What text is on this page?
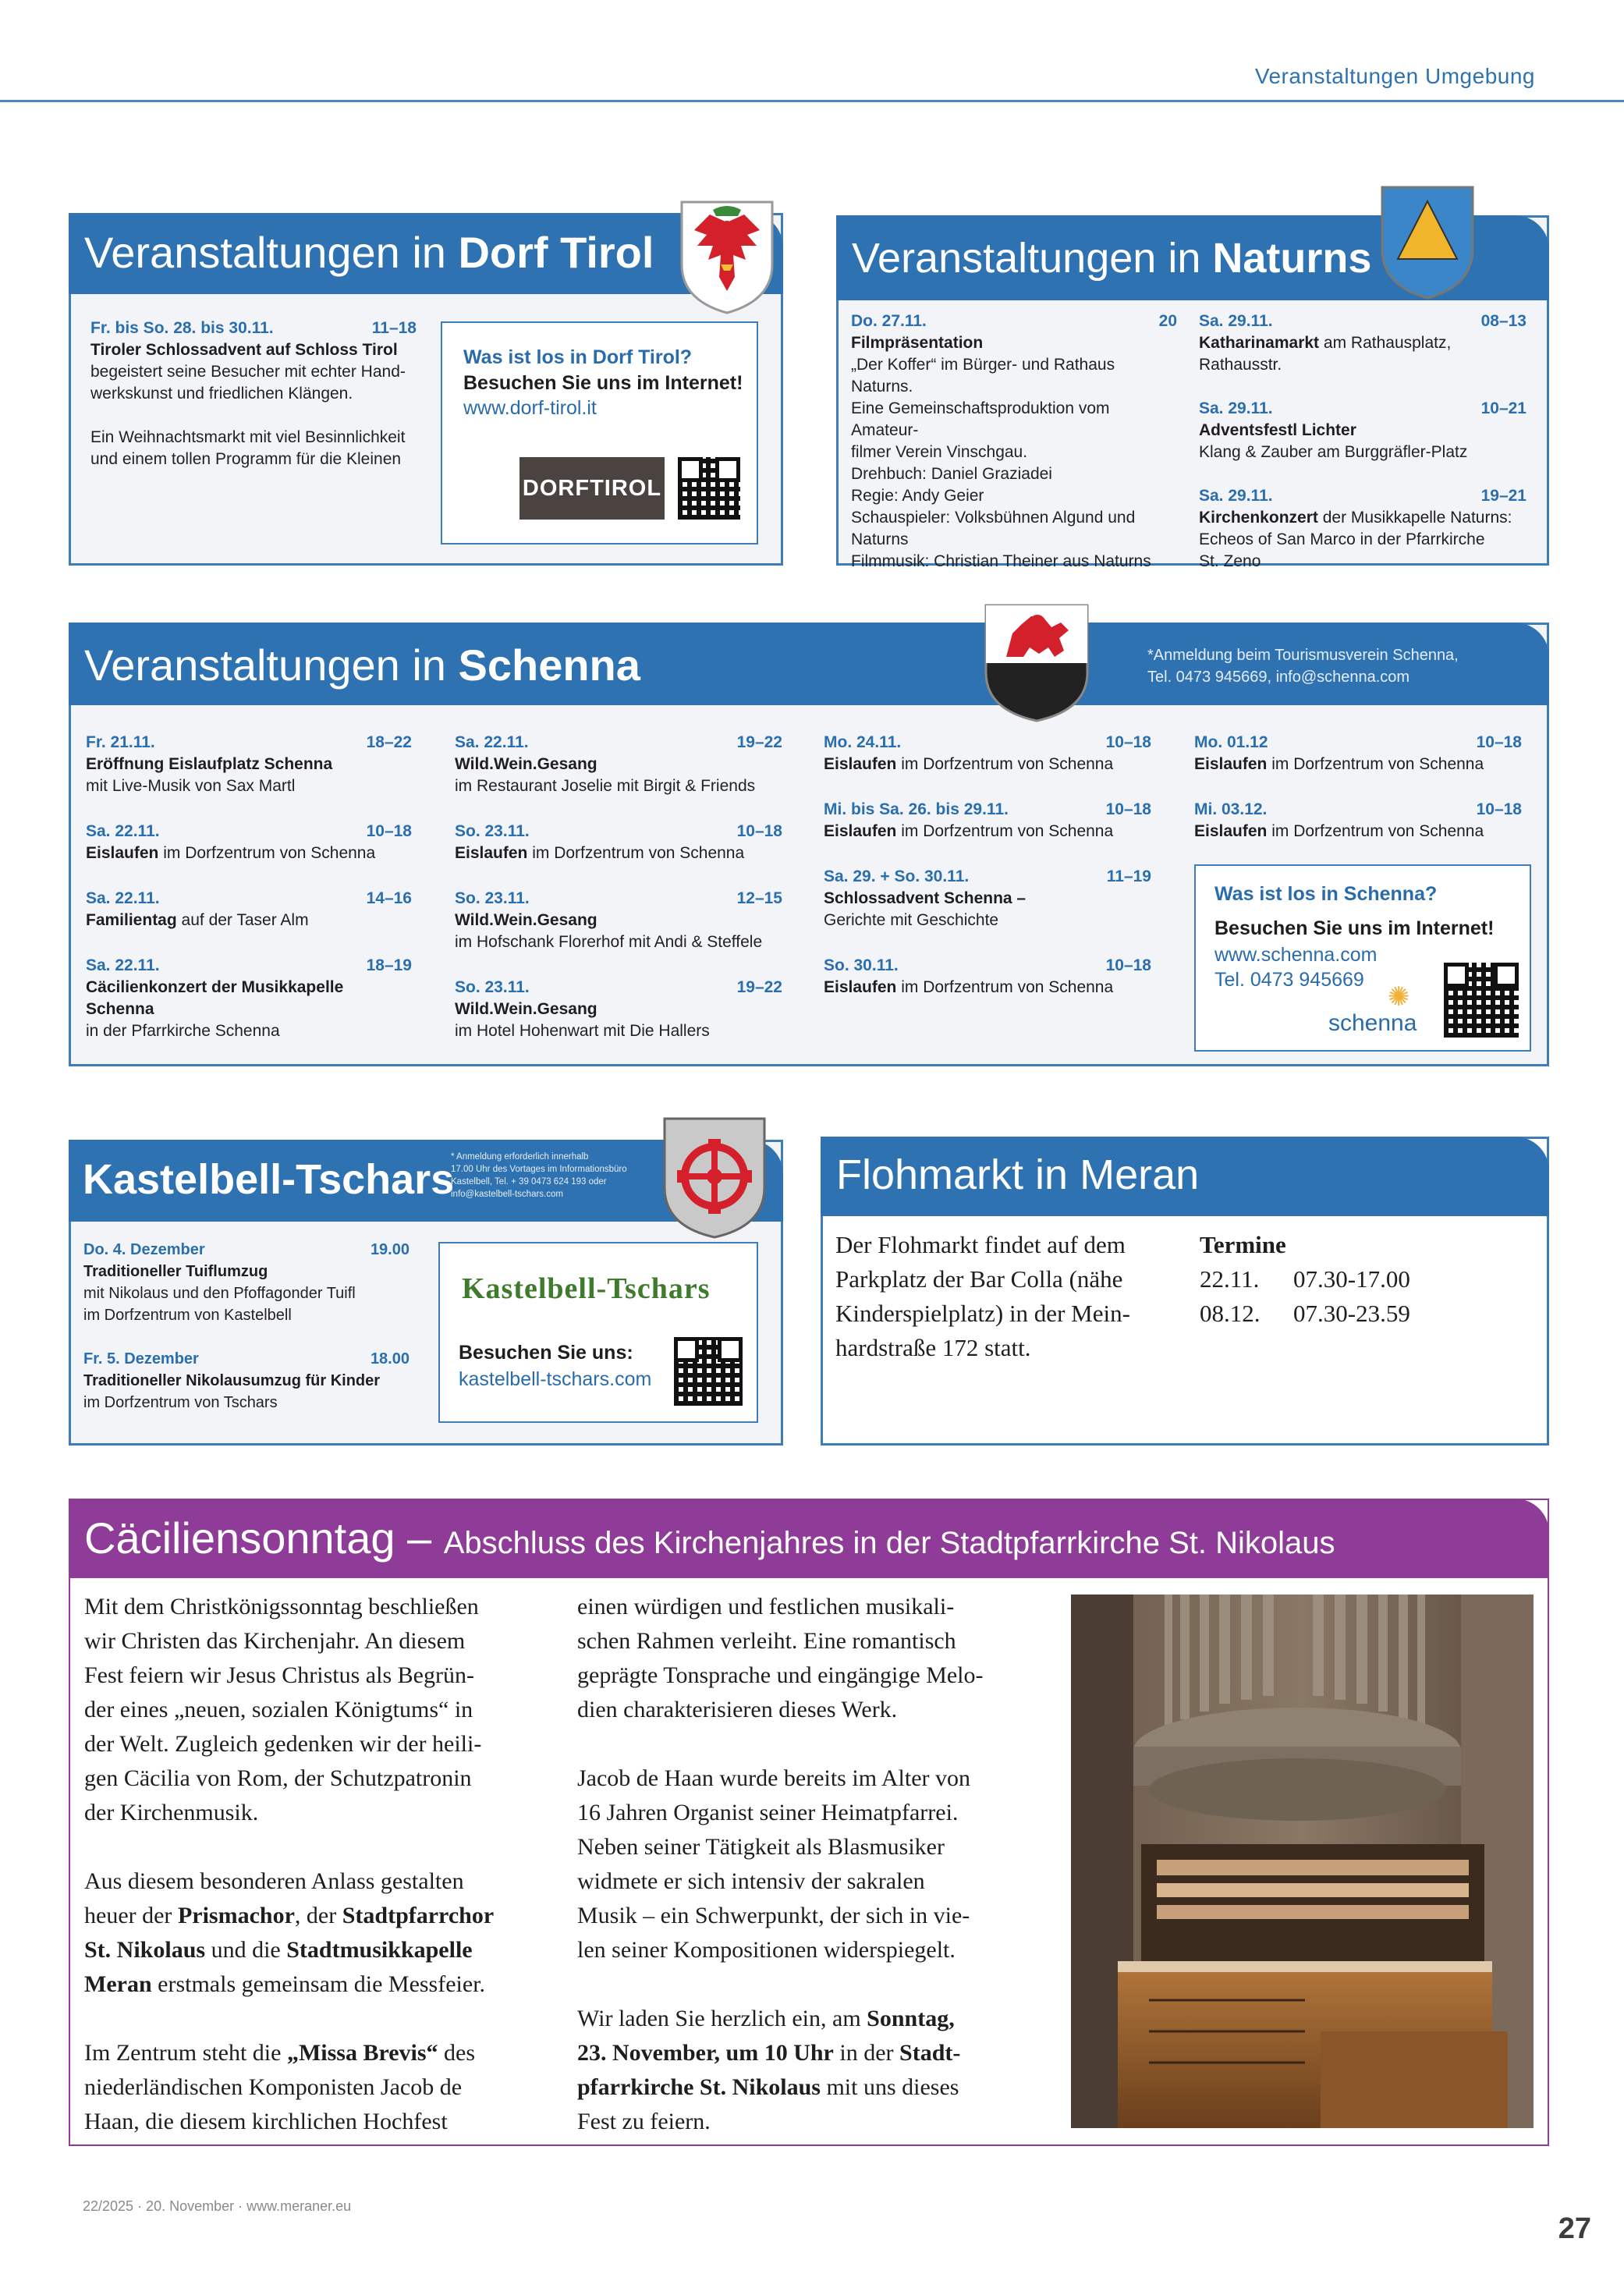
Veranstaltungen Umgebung
Veranstaltungen in Dorf Tirol
Fr. bis So. 28. bis 30.11.	11–18
Tiroler Schlossadvent auf Schloss Tirol
begeistert seine Besucher mit echter Hand-
werkskunst und friedlichen Klängen.
Ein Weihnachtsmarkt mit viel Besinnlichkeit
und einem tollen Programm für die Kleinen
Was ist los in Dorf Tirol?
Besuchen Sie uns im Internet!
www.dorf-tirol.it
DORFTIROL
Veranstaltungen in Naturns
Do. 27.11.	20
Filmpräsentation
„Der Koffer“ im Bürger- und Rathaus Naturns.
Eine Gemeinschaftsproduktion vom Amateur-
filmer Verein Vinschgau.
Drehbuch: Daniel Graziadei
Regie: Andy Geier
Schauspieler: Volksbühnen Algund und
Naturns
Filmmusik: Christian Theiner aus Naturns
Sa. 29.11.	08–13
Katharinamarkt am Rathausplatz, Rathausstr.
Sa. 29.11.	10–21
Adventsfestl Lichter
Klang & Zauber am Burggräfler-Platz
Sa. 29.11.	19–21
Kirchenkonzert der Musikkapelle Naturns:
Echeos of San Marco in der Pfarrkirche
St. Zeno
Veranstaltungen in Schenna	*Anmeldung beim Tourismusverein Schenna,
Tel. 0473 945669, info@schenna.com
Fr. 21.11.	18–22
Eröffnung Eislaufplatz Schenna
mit Live-Musik von Sax Martl
Sa. 22.11.	10–18
Eislaufen im Dorfzentrum von Schenna
Sa. 22.11.	14–16
Familientag auf der Taser Alm
Sa. 22.11.	18–19
Cäcilienkonzert der Musikkapelle
Schenna
in der Pfarrkirche Schenna
Sa. 22.11.	19–22
Wild.Wein.Gesang
im Restaurant Joselie mit Birgit & Friends
So. 23.11.	10–18
Eislaufen im Dorfzentrum von Schenna
So. 23.11.	12–15
Wild.Wein.Gesang
im Hofschank Florerhof mit Andi & Steffele
So. 23.11.	19–22
Wild.Wein.Gesang
im Hotel Hohenwart mit Die Hallers
Mo. 24.11.	10–18
Eislaufen im Dorfzentrum von Schenna
Mi. bis Sa. 26. bis 29.11.	10–18
Eislaufen im Dorfzentrum von Schenna
Sa. 29. + So. 30.11.	11–19
Schlossadvent Schenna –
Gerichte mit Geschichte
So. 30.11.	10–18
Eislaufen im Dorfzentrum von Schenna
Mo. 01.12	10–18
Eislaufen im Dorfzentrum von Schenna
Mi. 03.12.	10–18
Eislaufen im Dorfzentrum von Schenna
Was ist los in Schenna?
Besuchen Sie uns im Internet!
www.schenna.com
Tel. 0473 945669
✺
schenna
Kastelbell-Tschars
* Anmeldung erforderlich innerhalb
17.00 Uhr des Vortages im Informationsbüro
Kastelbell, Tel. + 39 0473 624 193 oder
info@kastelbell-tschars.com
Do. 4. Dezember	19.00
Traditioneller Tuiflumzug
mit Nikolaus und den Pfoffagonder Tuifl
im Dorfzentrum von Kastelbell
Fr. 5. Dezember	18.00
Traditioneller Nikolausumzug für Kinder
im Dorfzentrum von Tschars
Kastelbell-Tschars
Besuchen Sie uns:
kastelbell-tschars.com
Flohmarkt in Meran
Der Flohmarkt findet auf dem
Parkplatz der Bar Colla (nähe
Kinderspielplatz) in der Mein-
hardstraße 172 statt.
Termine
22.11. 07.30-17.00
08.12. 07.30-23.59
Cäciliensonntag – Abschluss des Kirchenjahres in der Stadtpfarrkirche St. Nikolaus

Mit dem Christkönigssonntag beschließen
wir Christen das Kirchenjahr. An diesem
Fest feiern wir Jesus Christus als Begrün-
der eines „neuen, sozialen Königtums“ in
der Welt. Zugleich gedenken wir der heili-
gen Cäcilia von Rom, der Schutzpatronin
der Kirchenmusik.

Aus diesem besonderen Anlass gestalten
heuer der Prismachor, der Stadtpfarrchor
St. Nikolaus und die Stadtmusikkapelle
Meran erstmals gemeinsam die Messfeier.

Im Zentrum steht die „Missa Brevis“ des
niederländischen Komponisten Jacob de
Haan, die diesem kirchlichen Hochfest

einen würdigen und festlichen musikali-
schen Rahmen verleiht. Eine romantisch
geprägte Tonsprache und eingängige Melo-
dien charakterisieren dieses Werk.

Jacob de Haan wurde bereits im Alter von
16 Jahren Organist seiner Heimatpfarrei.
Neben seiner Tätigkeit als Blasmusiker
widmete er sich intensiv der sakralen
Musik – ein Schwerpunkt, der sich in vie-
len seiner Kompositionen widerspiegelt.

Wir laden Sie herzlich ein, am Sonntag,
23. November, um 10 Uhr in der Stadt-
pfarrkirche St. Nikolaus mit uns dieses
Fest zu feiern.

22/2025 · 20. November · www.meraner.eu
27
